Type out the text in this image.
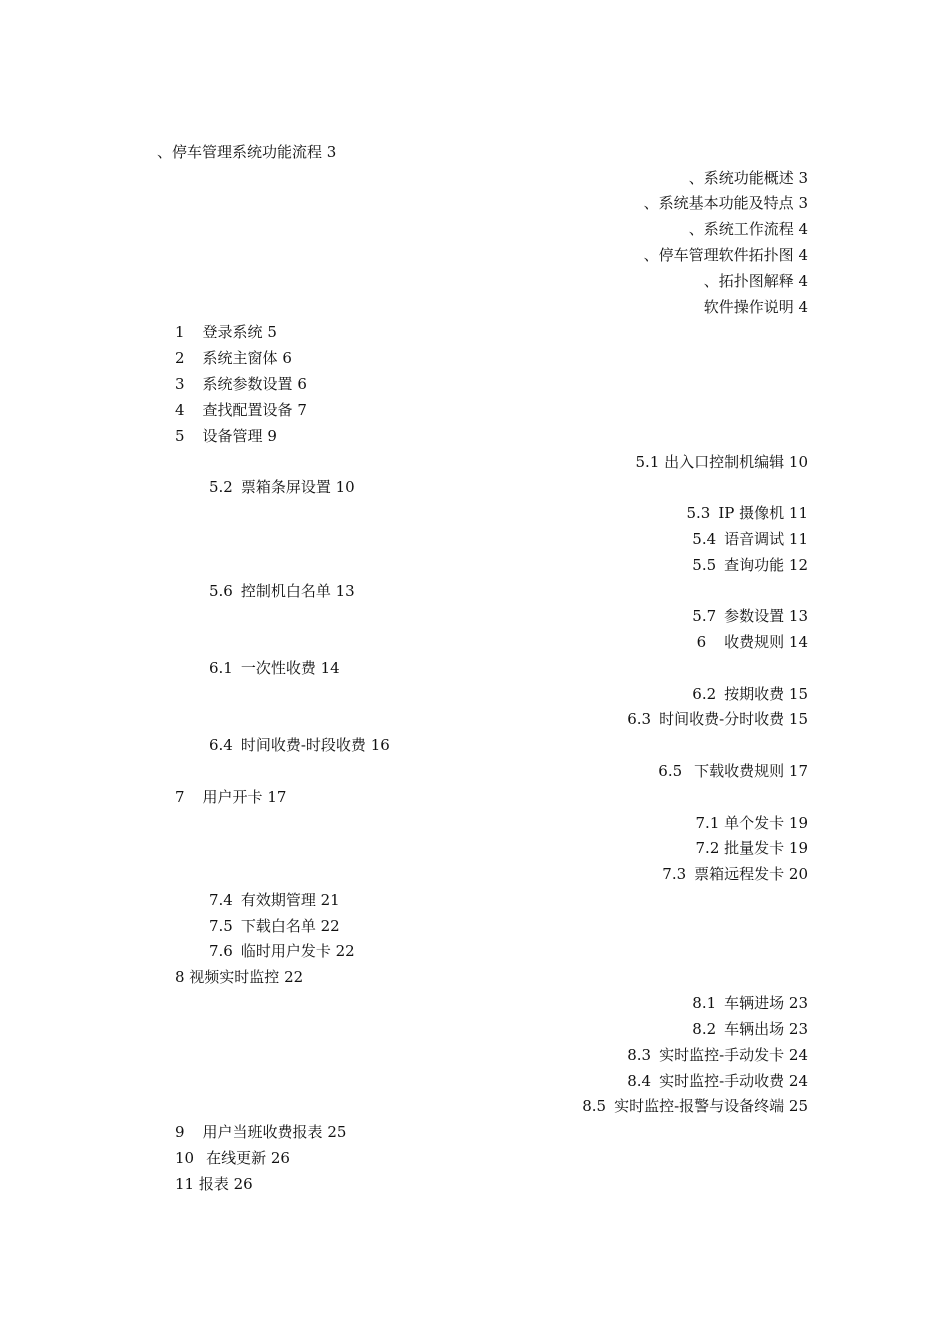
、停车管理系统功能流程 3
、系统功能概述 3
、系统基本功能及特点 3
、系统工作流程 4
、停车管理软件拓扑图 4
、拓扑图解释 4
软件操作说明 4
1 登录系统 5
2 系统主窗体 6
3 系统参数设置 6
4 查找配置设备 7
5 设备管理 9
5.1 出入口控制机编辑 10
5.2 票箱条屏设置 10
5.3 IP 摄像机 11
5.4 语音调试 11
5.5 查询功能 12
5.6 控制机白名单 13
5.7 参数设置 13
6 收费规则 14
6.1 一次性收费 14
6.2 按期收费 15
6.3 时间收费-分时收费 15
6.4 时间收费-时段收费 16
6.5 下载收费规则 17
7 用户开卡 17
7.1 单个发卡 19
7.2 批量发卡 19
7.3 票箱远程发卡 20
7.4 有效期管理 21
7.5 下载白名单 22
7.6 临时用户发卡 22
8 视频实时监控 22
8.1 车辆进场 23
8.2 车辆出场 23
8.3 实时监控-手动发卡 24
8.4 实时监控-手动收费 24
8.5 实时监控-报警与设备终端 25
9 用户当班收费报表 25
10 在线更新 26
11 报表 26
